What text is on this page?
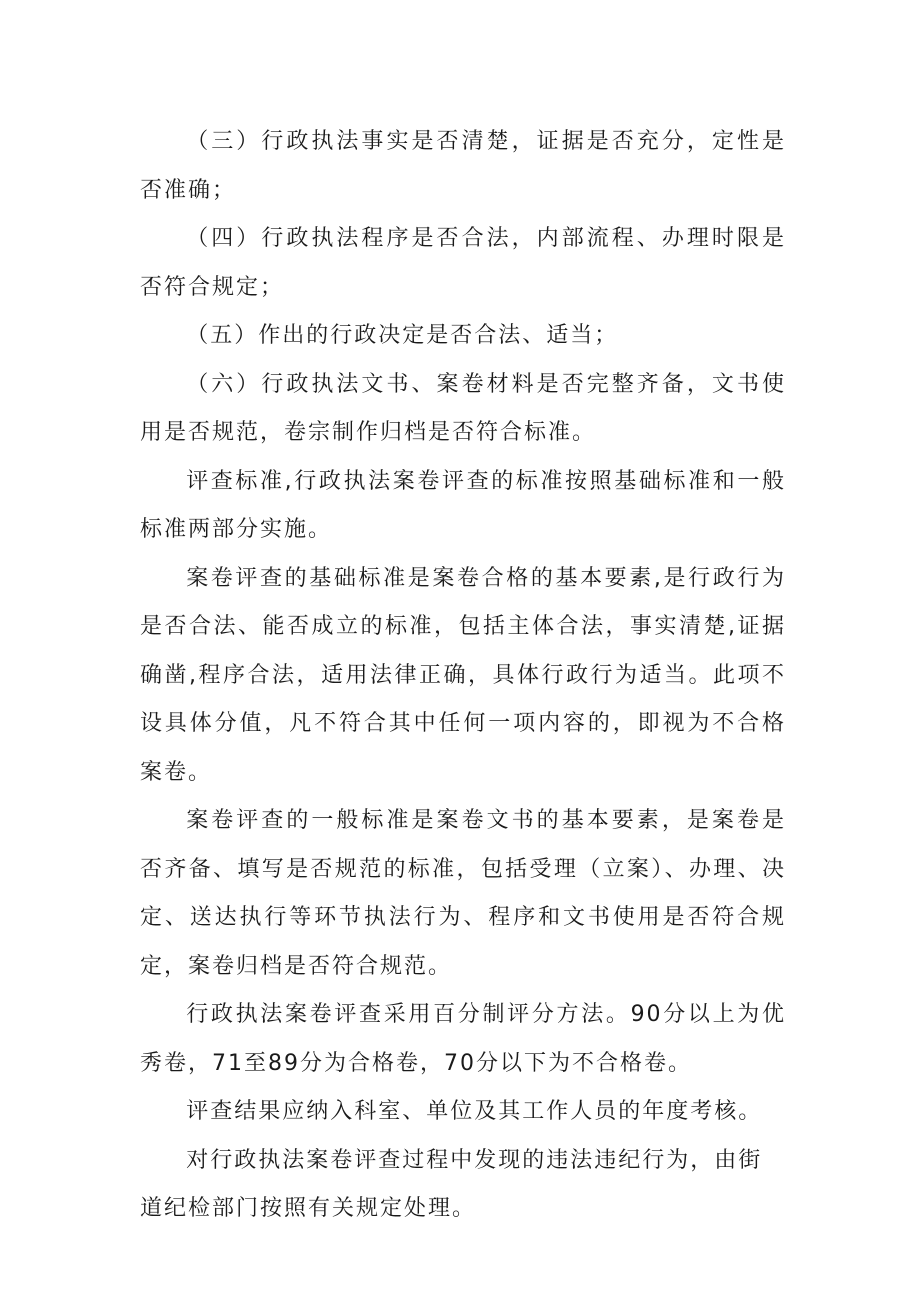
（三）行政执法事实是否清楚，证据是否充分，定性是否准确；

（四）行政执法程序是否合法，内部流程、办理时限是否符合规定；

（五）作出的行政决定是否合法、适当；

（六）行政执法文书、案卷材料是否完整齐备，文书使用是否规范，卷宗制作归档是否符合标准。

评查标准,行政执法案卷评查的标准按照基础标准和一般标准两部分实施。

案卷评查的基础标准是案卷合格的基本要素,是行政行为是否合法、能否成立的标准，包括主体合法，事实清楚,证据确凿,程序合法，适用法律正确，具体行政行为适当。此项不设具体分值，凡不符合其中任何一项内容的，即视为不合格案卷。

案卷评查的一般标准是案卷文书的基本要素，是案卷是否齐备、填写是否规范的标准，包括受理（立案）、办理、决定、送达执行等环节执法行为、程序和文书使用是否符合规定，案卷归档是否符合规范。

行政执法案卷评查采用百分制评分方法。90分以上为优秀卷，71至89分为合格卷，70分以下为不合格卷。

评查结果应纳入科室、单位及其工作人员的年度考核。

对行政执法案卷评查过程中发现的违法违纪行为，由街道纪检部门按照有关规定处理。
